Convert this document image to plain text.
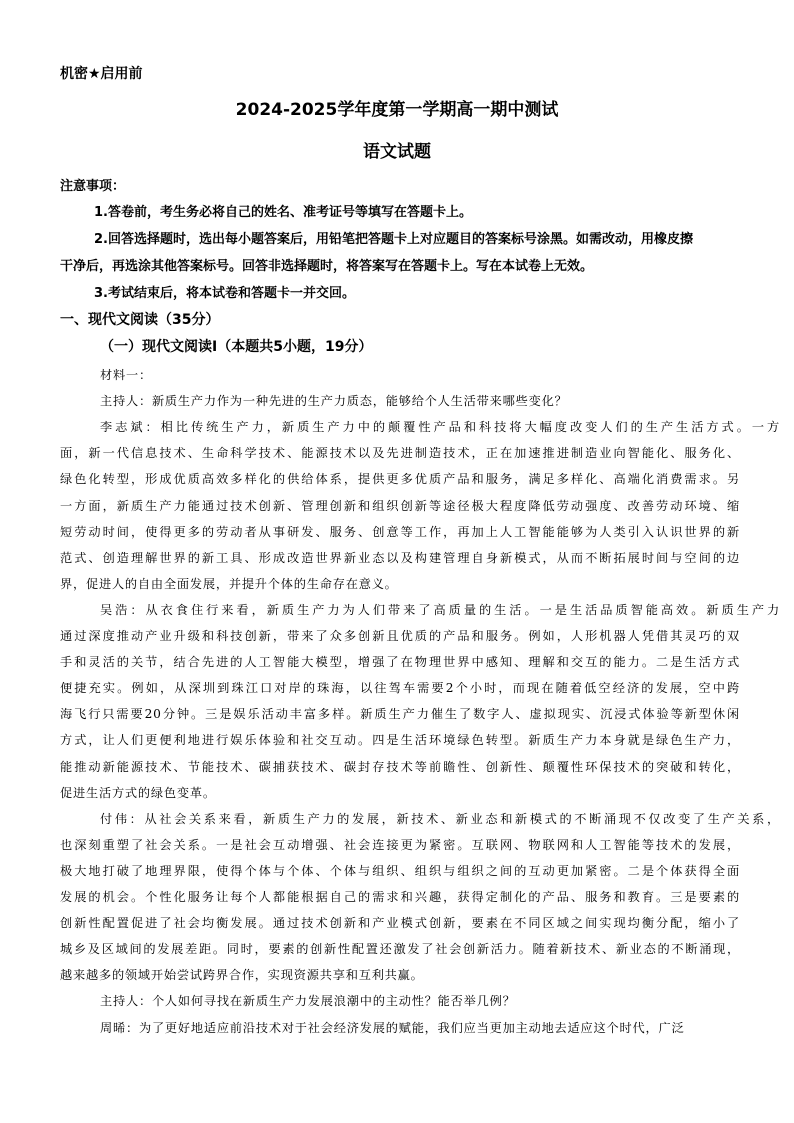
机密★启用前
2024-2025学年度第一学期高一期中测试
语文试题
注意事项：
1.答卷前，考生务必将自己的姓名、准考证号等填写在答题卡上。
2.回答选择题时，选出每小题答案后，用铅笔把答题卡上对应题目的答案标号涂黑。如需改动，用橡皮擦
干净后，再选涂其他答案标号。回答非选择题时，将答案写在答题卡上。写在本试卷上无效。
3.考试结束后，将本试卷和答题卡一并交回。
一、现代文阅读（35分）
（一）现代文阅读I（本题共5小题，19分）
材料一：
主持人：新质生产力作为一种先进的生产力质态，能够给个人生活带来哪些变化？
李志斌：相比传统生产力，新质生产力中的颠覆性产品和科技将大幅度改变人们的生产生活方式。一方
面，新一代信息技术、生命科学技术、能源技术以及先进制造技术，正在加速推进制造业向智能化、服务化、
绿色化转型，形成优质高效多样化的供给体系，提供更多优质产品和服务，满足多样化、高端化消费需求。另
一方面，新质生产力能通过技术创新、管理创新和组织创新等途径极大程度降低劳动强度、改善劳动环境、缩
短劳动时间，使得更多的劳动者从事研发、服务、创意等工作，再加上人工智能能够为人类引入认识世界的新
范式、创造理解世界的新工具、形成改造世界新业态以及构建管理自身新模式，从而不断拓展时间与空间的边
界，促进人的自由全面发展，并提升个体的生命存在意义。
吴浩：从衣食住行来看，新质生产力为人们带来了高质量的生活。一是生活品质智能高效。新质生产力
通过深度推动产业升级和科技创新，带来了众多创新且优质的产品和服务。例如，人形机器人凭借其灵巧的双
手和灵活的关节，结合先进的人工智能大模型，增强了在物理世界中感知、理解和交互的能力。二是生活方式
便捷充实。例如，从深圳到珠江口对岸的珠海，以往驾车需要2个小时，而现在随着低空经济的发展，空中跨
海飞行只需要20分钟。三是娱乐活动丰富多样。新质生产力催生了数字人、虚拟现实、沉浸式体验等新型休闲
方式，让人们更便利地进行娱乐体验和社交互动。四是生活环境绿色转型。新质生产力本身就是绿色生产力，
能推动新能源技术、节能技术、碳捕获技术、碳封存技术等前瞻性、创新性、颠覆性环保技术的突破和转化，
促进生活方式的绿色变革。
付伟：从社会关系来看，新质生产力的发展，新技术、新业态和新模式的不断涌现不仅改变了生产关系，
也深刻重塑了社会关系。一是社会互动增强、社会连接更为紧密。互联网、物联网和人工智能等技术的发展，
极大地打破了地理界限，使得个体与个体、个体与组织、组织与组织之间的互动更加紧密。二是个体获得全面
发展的机会。个性化服务让每个人都能根据自己的需求和兴趣，获得定制化的产品、服务和教育。三是要素的
创新性配置促进了社会均衡发展。通过技术创新和产业模式创新，要素在不同区域之间实现均衡分配，缩小了
城乡及区域间的发展差距。同时，要素的创新性配置还激发了社会创新活力。随着新技术、新业态的不断涌现，
越来越多的领域开始尝试跨界合作，实现资源共享和互利共赢。
主持人：个人如何寻找在新质生产力发展浪潮中的主动性？能否举几例？
周晞：为了更好地适应前沿技术对于社会经济发展的赋能，我们应当更加主动地去适应这个时代，广泛
